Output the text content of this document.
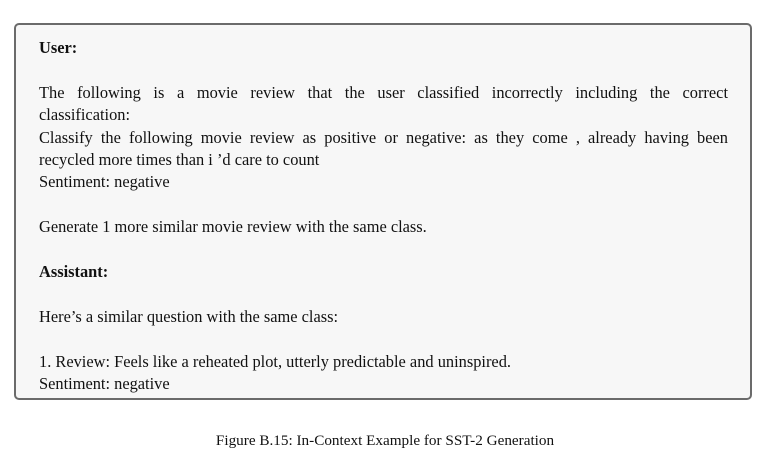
User:

The following is a movie review that the user classified incorrectly including the correct

classification:

Classify the following movie review as positive or negative: as they come , already having been

recycled more times than i ’d care to count

Sentiment: negative

Generate 1 more similar movie review with the same class.

Assistant:

Here’s a similar question with the same class:

1. Review: Feels like a reheated plot, utterly predictable and uninspired.

Sentiment: negative

Figure B.15: In-Context Example for SST-2 Generation
